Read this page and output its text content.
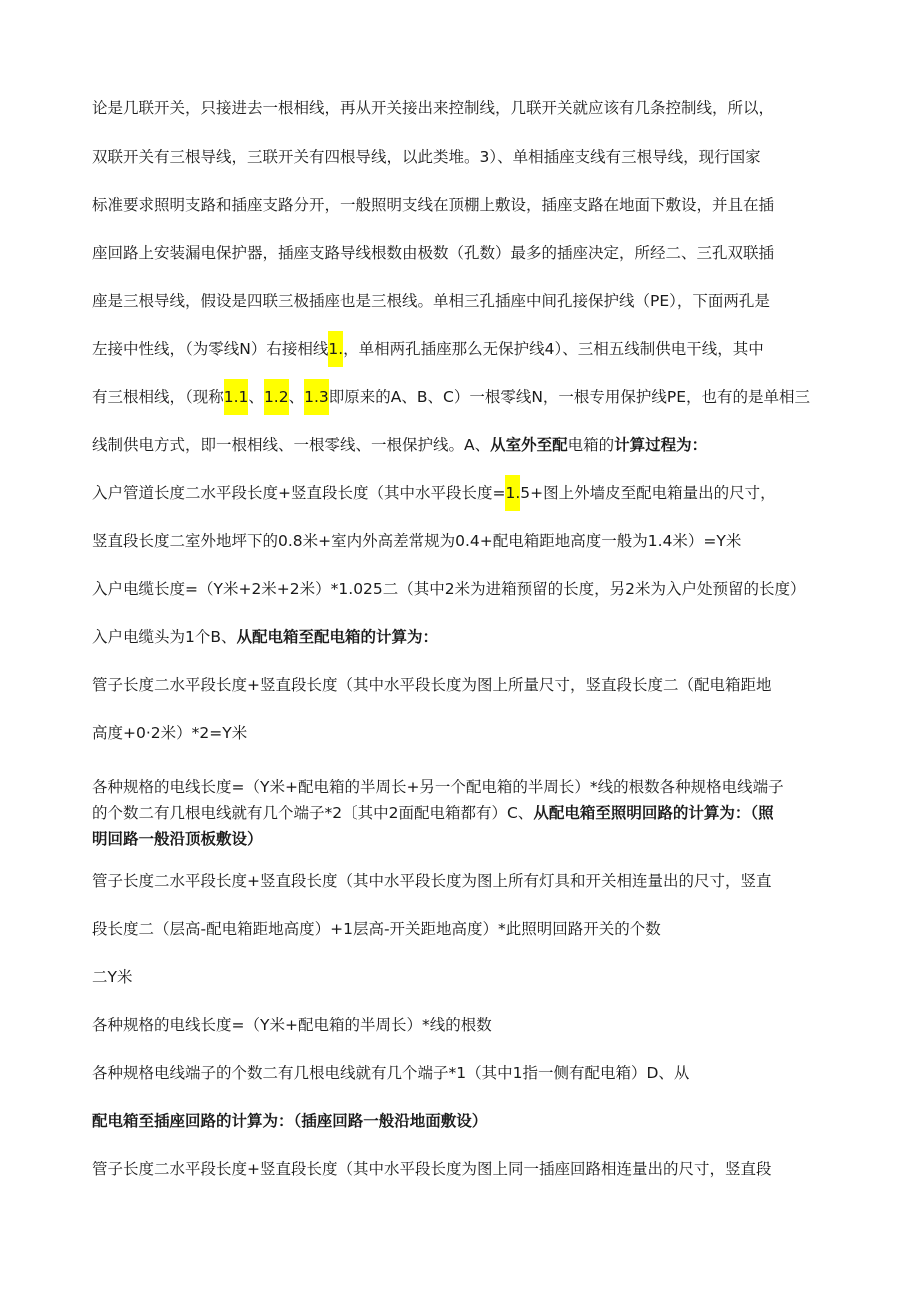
论是几联开关，只接进去一根相线，再从开关接出来控制线，几联开关就应该有几条控制线，所以，
双联开关有三根导线，三联开关有四根导线，以此类堆。3）、单相插座支线有三根导线，现行国家
标准要求照明支路和插座支路分开，一般照明支线在顶棚上敷设，插座支路在地面下敷设，并且在插
座回路上安装漏电保护器，插座支路导线根数由极数（孔数）最多的插座决定，所经二、三孔双联插
座是三根导线，假设是四联三极插座也是三根线。单相三孔插座中间孔接保护线（PE），下面两孔是
左接中性线，（为零线N）右接相线1.，单相两孔插座那么无保护线4）、三相五线制供电干线，其中
有三根相线，（现称1.1、1.2、1.3即原来的A、B、C）一根零线N，一根专用保护线PE，也有的是单相三
线制供电方式，即一根相线、一根零线、一根保护线。A、从室外至配电箱的计算过程为：
入户管道长度二水平段长度+竖直段长度（其中水平段长度=1.5+图上外墙皮至配电箱量出的尺寸，
竖直段长度二室外地坪下的0.8米+室内外高差常规为0.4+配电箱距地高度一般为1.4米）=Y米
入户电缆长度=（Y米+2米+2米）*1.025二（其中2米为进箱预留的长度，另2米为入户处预留的长度）
入户电缆头为1个B、从配电箱至配电箱的计算为：
管子长度二水平段长度+竖直段长度（其中水平段长度为图上所量尺寸，竖直段长度二（配电箱距地
高度+0·2米）*2=Y米
各种规格的电线长度=（Y米+配电箱的半周长+另一个配电箱的半周长）*线的根数各种规格电线端子
的个数二有几根电线就有几个端子*2〔其中2面配电箱都有）C、从配电箱至照明回路的计算为：（照
明回路一般沿顶板敷设）
管子长度二水平段长度+竖直段长度（其中水平段长度为图上所有灯具和开关相连量出的尺寸，竖直
段长度二（层高-配电箱距地高度）+1层高-开关距地高度）*此照明回路开关的个数
二Y米
各种规格的电线长度=（Y米+配电箱的半周长）*线的根数
各种规格电线端子的个数二有几根电线就有几个端子*1（其中1指一侧有配电箱）D、从
配电箱至插座回路的计算为：（插座回路一般沿地面敷设）
管子长度二水平段长度+竖直段长度（其中水平段长度为图上同一插座回路相连量出的尺寸，竖直段
